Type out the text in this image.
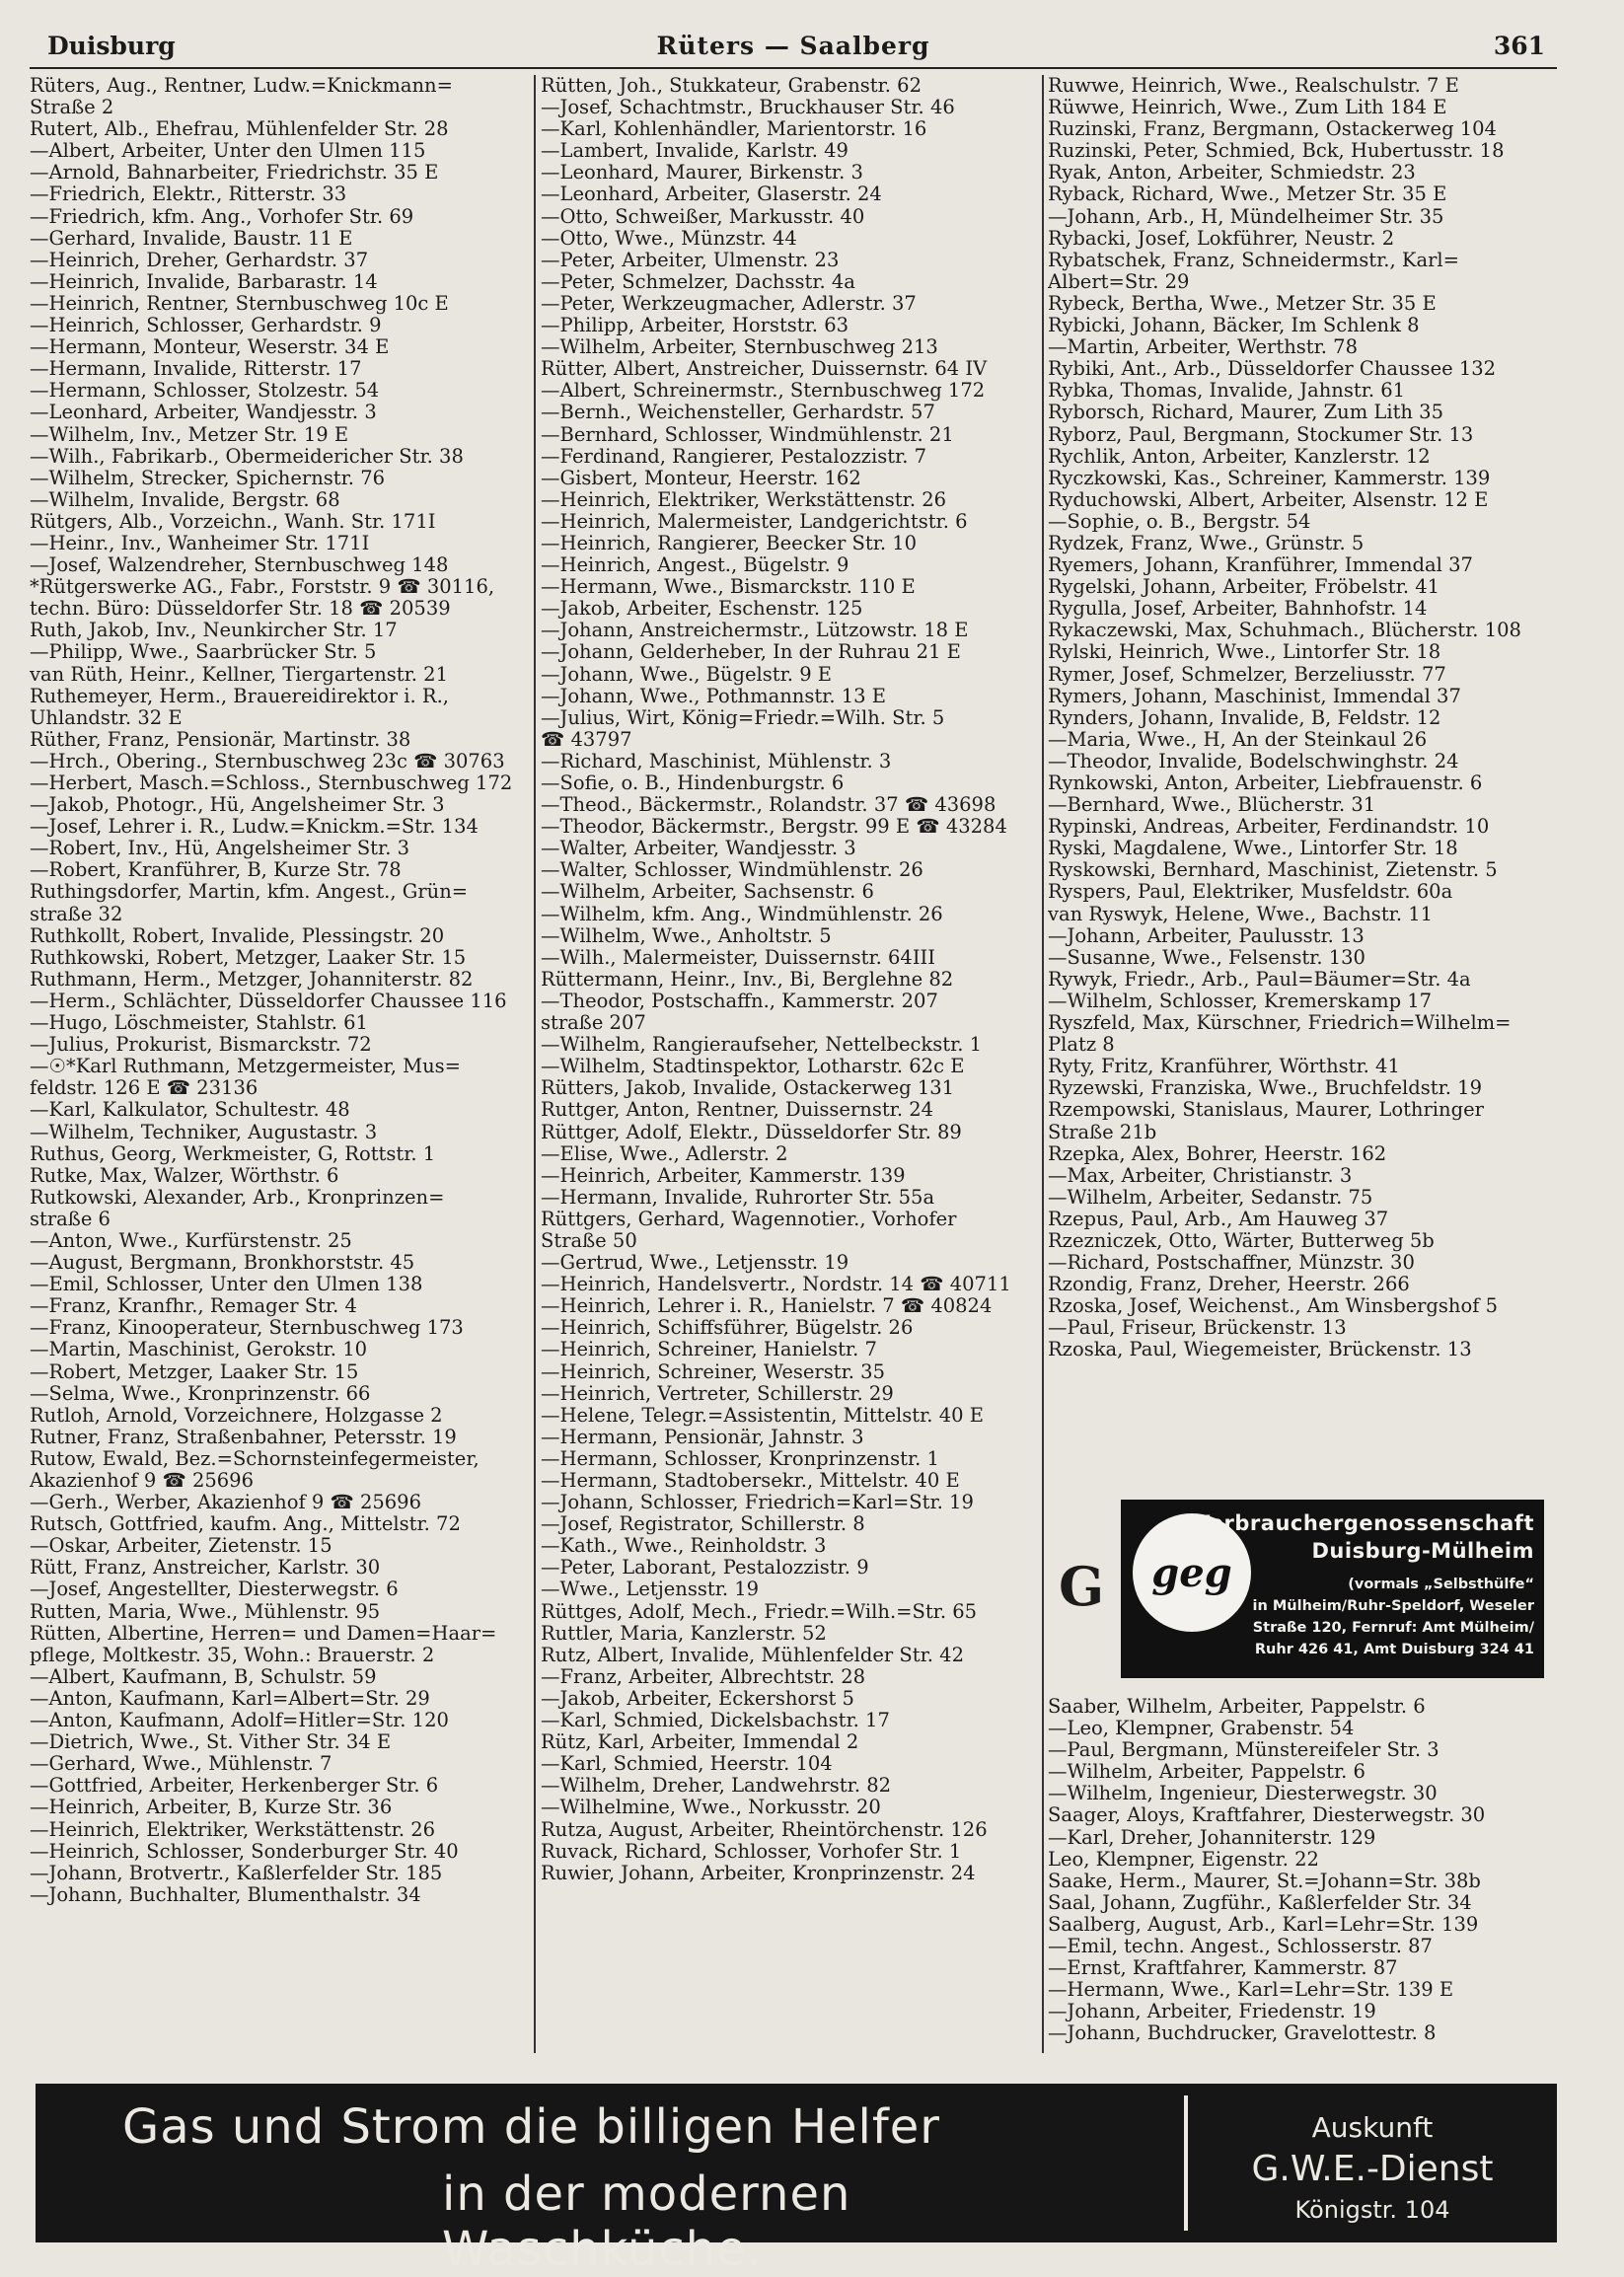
Duisburg	Rüters — Saalberg	361
Rüters, Aug., Rentner, Ludw.=Knickmann=
Straße 2
Rutert, Alb., Ehefrau, Mühlenfelder Str. 28
—Albert, Arbeiter, Unter den Ulmen 115
—Arnold, Bahnarbeiter, Friedrichstr. 35 E
—Friedrich, Elektr., Ritterstr. 33
—Friedrich, kfm. Ang., Vorhofer Str. 69
—Gerhard, Invalide, Baustr. 11 E
—Heinrich, Dreher, Gerhardstr. 37
—Heinrich, Invalide, Barbarastr. 14
—Heinrich, Rentner, Sternbuschweg 10c E
—Heinrich, Schlosser, Gerhardstr. 9
—Hermann, Monteur, Weserstr. 34 E
—Hermann, Invalide, Ritterstr. 17
—Hermann, Schlosser, Stolzestr. 54
—Leonhard, Arbeiter, Wandjesstr. 3
—Wilhelm, Inv., Metzer Str. 19 E
—Wilh., Fabrikarb., Obermeidericher Str. 38
—Wilhelm, Strecker, Spichernstr. 76
—Wilhelm, Invalide, Bergstr. 68
Rütgers, Alb., Vorzeichn., Wanh. Str. 171I
—Heinr., Inv., Wanheimer Str. 171I
—Josef, Walzendreher, Sternbuschweg 148
*Rütgerswerke AG., Fabr., Forststr. 9 ☎ 30116,
techn. Büro: Düsseldorfer Str. 18 ☎ 20539
Ruth, Jakob, Inv., Neunkircher Str. 17
—Philipp, Wwe., Saarbrücker Str. 5
van Rüth, Heinr., Kellner, Tiergartenstr. 21
Ruthemeyer, Herm., Brauereidirektor i. R.,
Uhlandstr. 32 E
Rüther, Franz, Pensionär, Martinstr. 38
—Hrch., Obering., Sternbuschweg 23c ☎ 30763
—Herbert, Masch.=Schloss., Sternbuschweg 172
—Jakob, Photogr., Hü, Angelsheimer Str. 3
—Josef, Lehrer i. R., Ludw.=Knickm.=Str. 134
—Robert, Inv., Hü, Angelsheimer Str. 3
—Robert, Kranführer, B, Kurze Str. 78
Ruthingsdorfer, Martin, kfm. Angest., Grün=
straße 32
Ruthkollt, Robert, Invalide, Plessingstr. 20
Ruthkowski, Robert, Metzger, Laaker Str. 15
Ruthmann, Herm., Metzger, Johanniterstr. 82
—Herm., Schlächter, Düsseldorfer Chaussee 116
—Hugo, Löschmeister, Stahlstr. 61
—Julius, Prokurist, Bismarckstr. 72
—☉*Karl Ruthmann, Metzgermeister, Mus=
feldstr. 126 E ☎ 23136
—Karl, Kalkulator, Schultestr. 48
—Wilhelm, Techniker, Augustastr. 3
Ruthus, Georg, Werkmeister, G, Rottstr. 1
Rutke, Max, Walzer, Wörthstr. 6
Rutkowski, Alexander, Arb., Kronprinzen=
straße 6
—Anton, Wwe., Kurfürstenstr. 25
—August, Bergmann, Bronkhorststr. 45
—Emil, Schlosser, Unter den Ulmen 138
—Franz, Kranfhr., Remager Str. 4
—Franz, Kinooperateur, Sternbuschweg 173
—Martin, Maschinist, Gerokstr. 10
—Robert, Metzger, Laaker Str. 15
—Selma, Wwe., Kronprinzenstr. 66
Rutloh, Arnold, Vorzeichnere, Holzgasse 2
Rutner, Franz, Straßenbahner, Petersstr. 19
Rutow, Ewald, Bez.=Schornsteinfegermeister,
Akazienhof 9 ☎ 25696
—Gerh., Werber, Akazienhof 9 ☎ 25696
Rutsch, Gottfried, kaufm. Ang., Mittelstr. 72
—Oskar, Arbeiter, Zietenstr. 15
Rütt, Franz, Anstreicher, Karlstr. 30
—Josef, Angestellter, Diesterwegstr. 6
Rutten, Maria, Wwe., Mühlenstr. 95
Rütten, Albertine, Herren= und Damen=Haar=
pflege, Moltkestr. 35, Wohn.: Brauerstr. 2
—Albert, Kaufmann, B, Schulstr. 59
—Anton, Kaufmann, Karl=Albert=Str. 29
—Anton, Kaufmann, Adolf=Hitler=Str. 120
—Dietrich, Wwe., St. Vither Str. 34 E
—Gerhard, Wwe., Mühlenstr. 7
—Gottfried, Arbeiter, Herkenberger Str. 6
—Heinrich, Arbeiter, B, Kurze Str. 36
—Heinrich, Elektriker, Werkstättenstr. 26
—Heinrich, Schlosser, Sonderburger Str. 40
—Johann, Brotvertr., Kaßlerfelder Str. 185
—Johann, Buchhalter, Blumenthalstr. 34
Rütten, Joh., Stukkateur, Grabenstr. 62
—Josef, Schachtmstr., Bruckhauser Str. 46
—Karl, Kohlenhändler, Marientorstr. 16
—Lambert, Invalide, Karlstr. 49
—Leonhard, Maurer, Birkenstr. 3
—Leonhard, Arbeiter, Glaserstr. 24
—Otto, Schweißer, Markusstr. 40
—Otto, Wwe., Münzstr. 44
—Peter, Arbeiter, Ulmenstr. 23
—Peter, Schmelzer, Dachsstr. 4a
—Peter, Werkzeugmacher, Adlerstr. 37
—Philipp, Arbeiter, Horststr. 63
—Wilhelm, Arbeiter, Sternbuschweg 213
Rütter, Albert, Anstreicher, Duissernstr. 64 IV
—Albert, Schreinermstr., Sternbuschweg 172
—Bernh., Weichensteller, Gerhardstr. 57
—Bernhard, Schlosser, Windmühlenstr. 21
—Ferdinand, Rangierer, Pestalozzistr. 7
—Gisbert, Monteur, Heerstr. 162
—Heinrich, Elektriker, Werkstättenstr. 26
—Heinrich, Malermeister, Landgerichtstr. 6
—Heinrich, Rangierer, Beecker Str. 10
—Heinrich, Angest., Bügelstr. 9
—Hermann, Wwe., Bismarckstr. 110 E
—Jakob, Arbeiter, Eschenstr. 125
—Johann, Anstreichermstr., Lützowstr. 18 E
—Johann, Gelderheber, In der Ruhrau 21 E
—Johann, Wwe., Bügelstr. 9 E
—Johann, Wwe., Pothmannstr. 13 E
—Julius, Wirt, König=Friedr.=Wilh. Str. 5
☎ 43797
—Richard, Maschinist, Mühlenstr. 3
—Sofie, o. B., Hindenburgstr. 6
—Theod., Bäckermstr., Rolandstr. 37 ☎ 43698
—Theodor, Bäckermstr., Bergstr. 99 E ☎ 43284
—Walter, Arbeiter, Wandjesstr. 3
—Walter, Schlosser, Windmühlenstr. 26
—Wilhelm, Arbeiter, Sachsenstr. 6
—Wilhelm, kfm. Ang., Windmühlenstr. 26
—Wilhelm, Wwe., Anholtstr. 5
—Wilh., Malermeister, Duissernstr. 64III
Rüttermann, Heinr., Inv., Bi, Berglehne 82
—Theodor, Postschaffn., Kammerstr. 207
straße 207
—Wilhelm, Rangieraufseher, Nettelbeckstr. 1
—Wilhelm, Stadtinspektor, Lotharstr. 62c E
Rütters, Jakob, Invalide, Ostackerweg 131
Ruttger, Anton, Rentner, Duissernstr. 24
Rüttger, Adolf, Elektr., Düsseldorfer Str. 89
—Elise, Wwe., Adlerstr. 2
—Heinrich, Arbeiter, Kammerstr. 139
—Hermann, Invalide, Ruhrorter Str. 55a
Rüttgers, Gerhard, Wagennotier., Vorhofer
Straße 50
—Gertrud, Wwe., Letjensstr. 19
—Heinrich, Handelsvertr., Nordstr. 14 ☎ 40711
—Heinrich, Lehrer i. R., Hanielstr. 7 ☎ 40824
—Heinrich, Schiffsführer, Bügelstr. 26
—Heinrich, Schreiner, Hanielstr. 7
—Heinrich, Schreiner, Weserstr. 35
—Heinrich, Vertreter, Schillerstr. 29
—Helene, Telegr.=Assistentin, Mittelstr. 40 E
—Hermann, Pensionär, Jahnstr. 3
—Hermann, Schlosser, Kronprinzenstr. 1
—Hermann, Stadtobersekr., Mittelstr. 40 E
—Johann, Schlosser, Friedrich=Karl=Str. 19
—Josef, Registrator, Schillerstr. 8
—Kath., Wwe., Reinholdstr. 3
—Peter, Laborant, Pestalozzistr. 9
—Wwe., Letjensstr. 19
Rüttges, Adolf, Mech., Friedr.=Wilh.=Str. 65
Ruttler, Maria, Kanzlerstr. 52
Rutz, Albert, Invalide, Mühlenfelder Str. 42
—Franz, Arbeiter, Albrechtstr. 28
—Jakob, Arbeiter, Eckershorst 5
—Karl, Schmied, Dickelsbachstr. 17
Rütz, Karl, Arbeiter, Immendal 2
—Karl, Schmied, Heerstr. 104
—Wilhelm, Dreher, Landwehrstr. 82
—Wilhelmine, Wwe., Norkusstr. 20
Rutza, August, Arbeiter, Rheintörchenstr. 126
Ruvack, Richard, Schlosser, Vorhofer Str. 1
Ruwier, Johann, Arbeiter, Kronprinzenstr. 24
Ruwwe, Heinrich, Wwe., Realschulstr. 7 E
Rüwwe, Heinrich, Wwe., Zum Lith 184 E
Ruzinski, Franz, Bergmann, Ostackerweg 104
Ruzinski, Peter, Schmied, Bck, Hubertusstr. 18
Ryak, Anton, Arbeiter, Schmiedstr. 23
Ryback, Richard, Wwe., Metzer Str. 35 E
—Johann, Arb., H, Mündelheimer Str. 35
Rybacki, Josef, Lokführer, Neustr. 2
Rybatschek, Franz, Schneidermstr., Karl=
Albert=Str. 29
Rybeck, Bertha, Wwe., Metzer Str. 35 E
Rybicki, Johann, Bäcker, Im Schlenk 8
—Martin, Arbeiter, Werthstr. 78
Rybiki, Ant., Arb., Düsseldorfer Chaussee 132
Rybka, Thomas, Invalide, Jahnstr. 61
Ryborsch, Richard, Maurer, Zum Lith 35
Ryborz, Paul, Bergmann, Stockumer Str. 13
Rychlik, Anton, Arbeiter, Kanzlerstr. 12
Ryczkowski, Kas., Schreiner, Kammerstr. 139
Ryduchowski, Albert, Arbeiter, Alsenstr. 12 E
—Sophie, o. B., Bergstr. 54
Rydzek, Franz, Wwe., Grünstr. 5
Ryemers, Johann, Kranführer, Immendal 37
Rygelski, Johann, Arbeiter, Fröbelstr. 41
Rygulla, Josef, Arbeiter, Bahnhofstr. 14
Rykaczewski, Max, Schuhmach., Blücherstr. 108
Rylski, Heinrich, Wwe., Lintorfer Str. 18
Rymer, Josef, Schmelzer, Berzeliusstr. 77
Rymers, Johann, Maschinist, Immendal 37
Rynders, Johann, Invalide, B, Feldstr. 12
—Maria, Wwe., H, An der Steinkaul 26
—Theodor, Invalide, Bodelschwinghstr. 24
Rynkowski, Anton, Arbeiter, Liebfrauenstr. 6
—Bernhard, Wwe., Blücherstr. 31
Rypinski, Andreas, Arbeiter, Ferdinandstr. 10
Ryski, Magdalene, Wwe., Lintorfer Str. 18
Ryskowski, Bernhard, Maschinist, Zietenstr. 5
Ryspers, Paul, Elektriker, Musfeldstr. 60a
van Ryswyk, Helene, Wwe., Bachstr. 11
—Johann, Arbeiter, Paulusstr. 13
—Susanne, Wwe., Felsenstr. 130
Rywyk, Friedr., Arb., Paul=Bäumer=Str. 4a
—Wilhelm, Schlosser, Kremerskamp 17
Ryszfeld, Max, Kürschner, Friedrich=Wilhelm=
Platz 8
Ryty, Fritz, Kranführer, Wörthstr. 41
Ryzewski, Franziska, Wwe., Bruchfeldstr. 19
Rzempowski, Stanislaus, Maurer, Lothringer
Straße 21b
Rzepka, Alex, Bohrer, Heerstr. 162
—Max, Arbeiter, Christianstr. 3
—Wilhelm, Arbeiter, Sedanstr. 75
Rzepus, Paul, Arb., Am Hauweg 37
Rzezniczek, Otto, Wärter, Butterweg 5b
—Richard, Postschaffner, Münzstr. 30
Rzondig, Franz, Dreher, Heerstr. 266
Rzoska, Josef, Weichenst., Am Winsbergshof 5
—Paul, Friseur, Brückenstr. 13
Rzoska, Paul, Wiegemeister, Brückenstr. 13
G	geg
Verbrauchergenossenschaft
Duisburg-Mülheim
(vormals „Selbsthülfe“
in Mülheim/Ruhr-Speldorf, Weseler
Straße 120, Fernruf: Amt Mülheim/
Ruhr 426 41, Amt Duisburg 324 41
Saaber, Wilhelm, Arbeiter, Pappelstr. 6
—Leo, Klempner, Grabenstr. 54
—Paul, Bergmann, Münstereifeler Str. 3
—Wilhelm, Arbeiter, Pappelstr. 6
—Wilhelm, Ingenieur, Diesterwegstr. 30
Saager, Aloys, Kraftfahrer, Diesterwegstr. 30
—Karl, Dreher, Johanniterstr. 129
Leo, Klempner, Eigenstr. 22
Saake, Herm., Maurer, St.=Johann=Str. 38b
Saal, Johann, Zugführ., Kaßlerfelder Str. 34
Saalberg, August, Arb., Karl=Lehr=Str. 139
—Emil, techn. Angest., Schlosserstr. 87
—Ernst, Kraftfahrer, Kammerstr. 87
—Hermann, Wwe., Karl=Lehr=Str. 139 E
—Johann, Arbeiter, Friedenstr. 19
—Johann, Buchdrucker, Gravelottestr. 8
Gas und Strom die billigen Helfer
in der modernen Waschküche.
Auskunft
G.W.E.-Dienst
Königstr. 104
